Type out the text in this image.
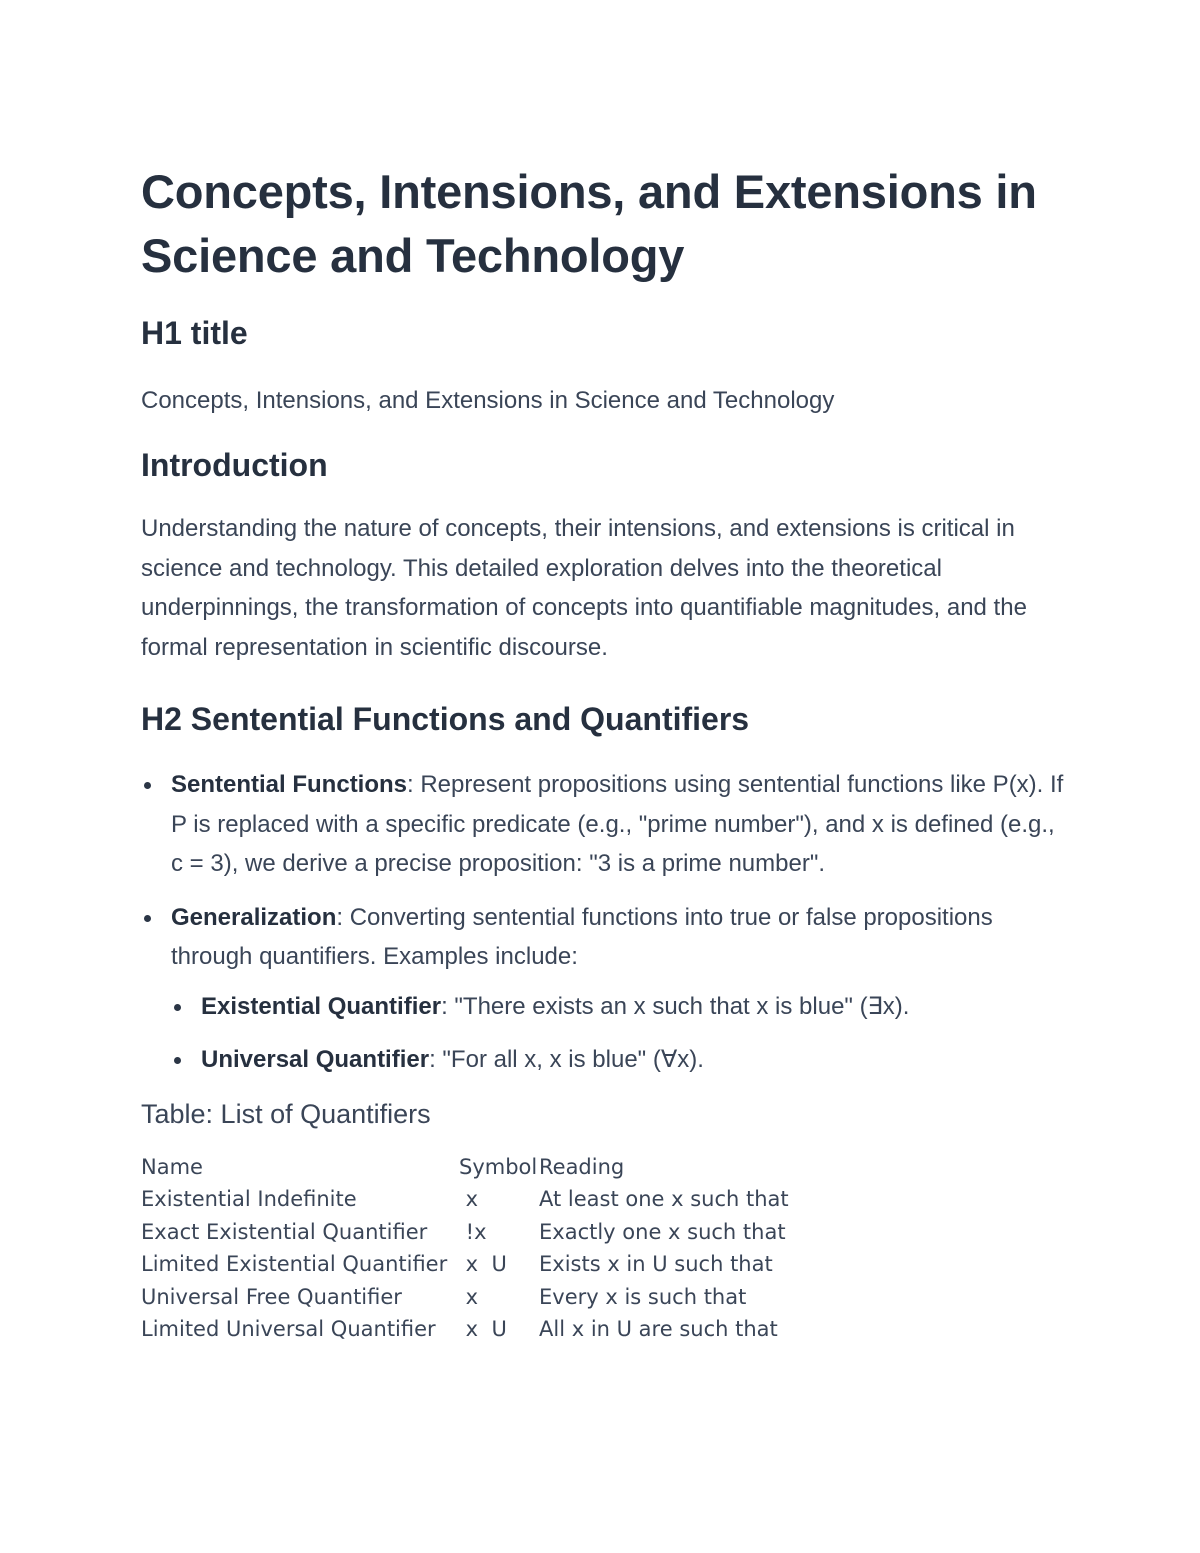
Concepts, Intensions, and Extensions in Science and Technology
H1 title

Concepts, Intensions, and Extensions in Science and Technology

Introduction

Understanding the nature of concepts, their intensions, and extensions is critical in science and technology. This detailed exploration delves into the theoretical underpinnings, the transformation of concepts into quantifiable magnitudes, and the formal representation in scientific discourse.

H2 Sentential Functions and Quantifiers
Sentential Functions: Represent propositions using sentential functions like P(x). If P is replaced with a specific predicate (e.g., "prime number"), and x is defined (e.g., c = 3), we derive a precise proposition: "3 is a prime number".
Generalization: Converting sentential functions into true or false propositions through quantifiers. Examples include:
Existential Quantifier: "There exists an x such that x is blue" (∃x).
Universal Quantifier: "For all x, x is blue" (∀x).
Table: List of Quantifiers
Name	Symbol	Reading
Existential Indefinite	x	At least one x such that
Exact Existential Quantifier	!x	Exactly one x such that
Limited Existential Quantifier	x  U	Exists x in U such that
Universal Free Quantifier	x	Every x is such that
Limited Universal Quantifier	x  U	All x in U are such that
